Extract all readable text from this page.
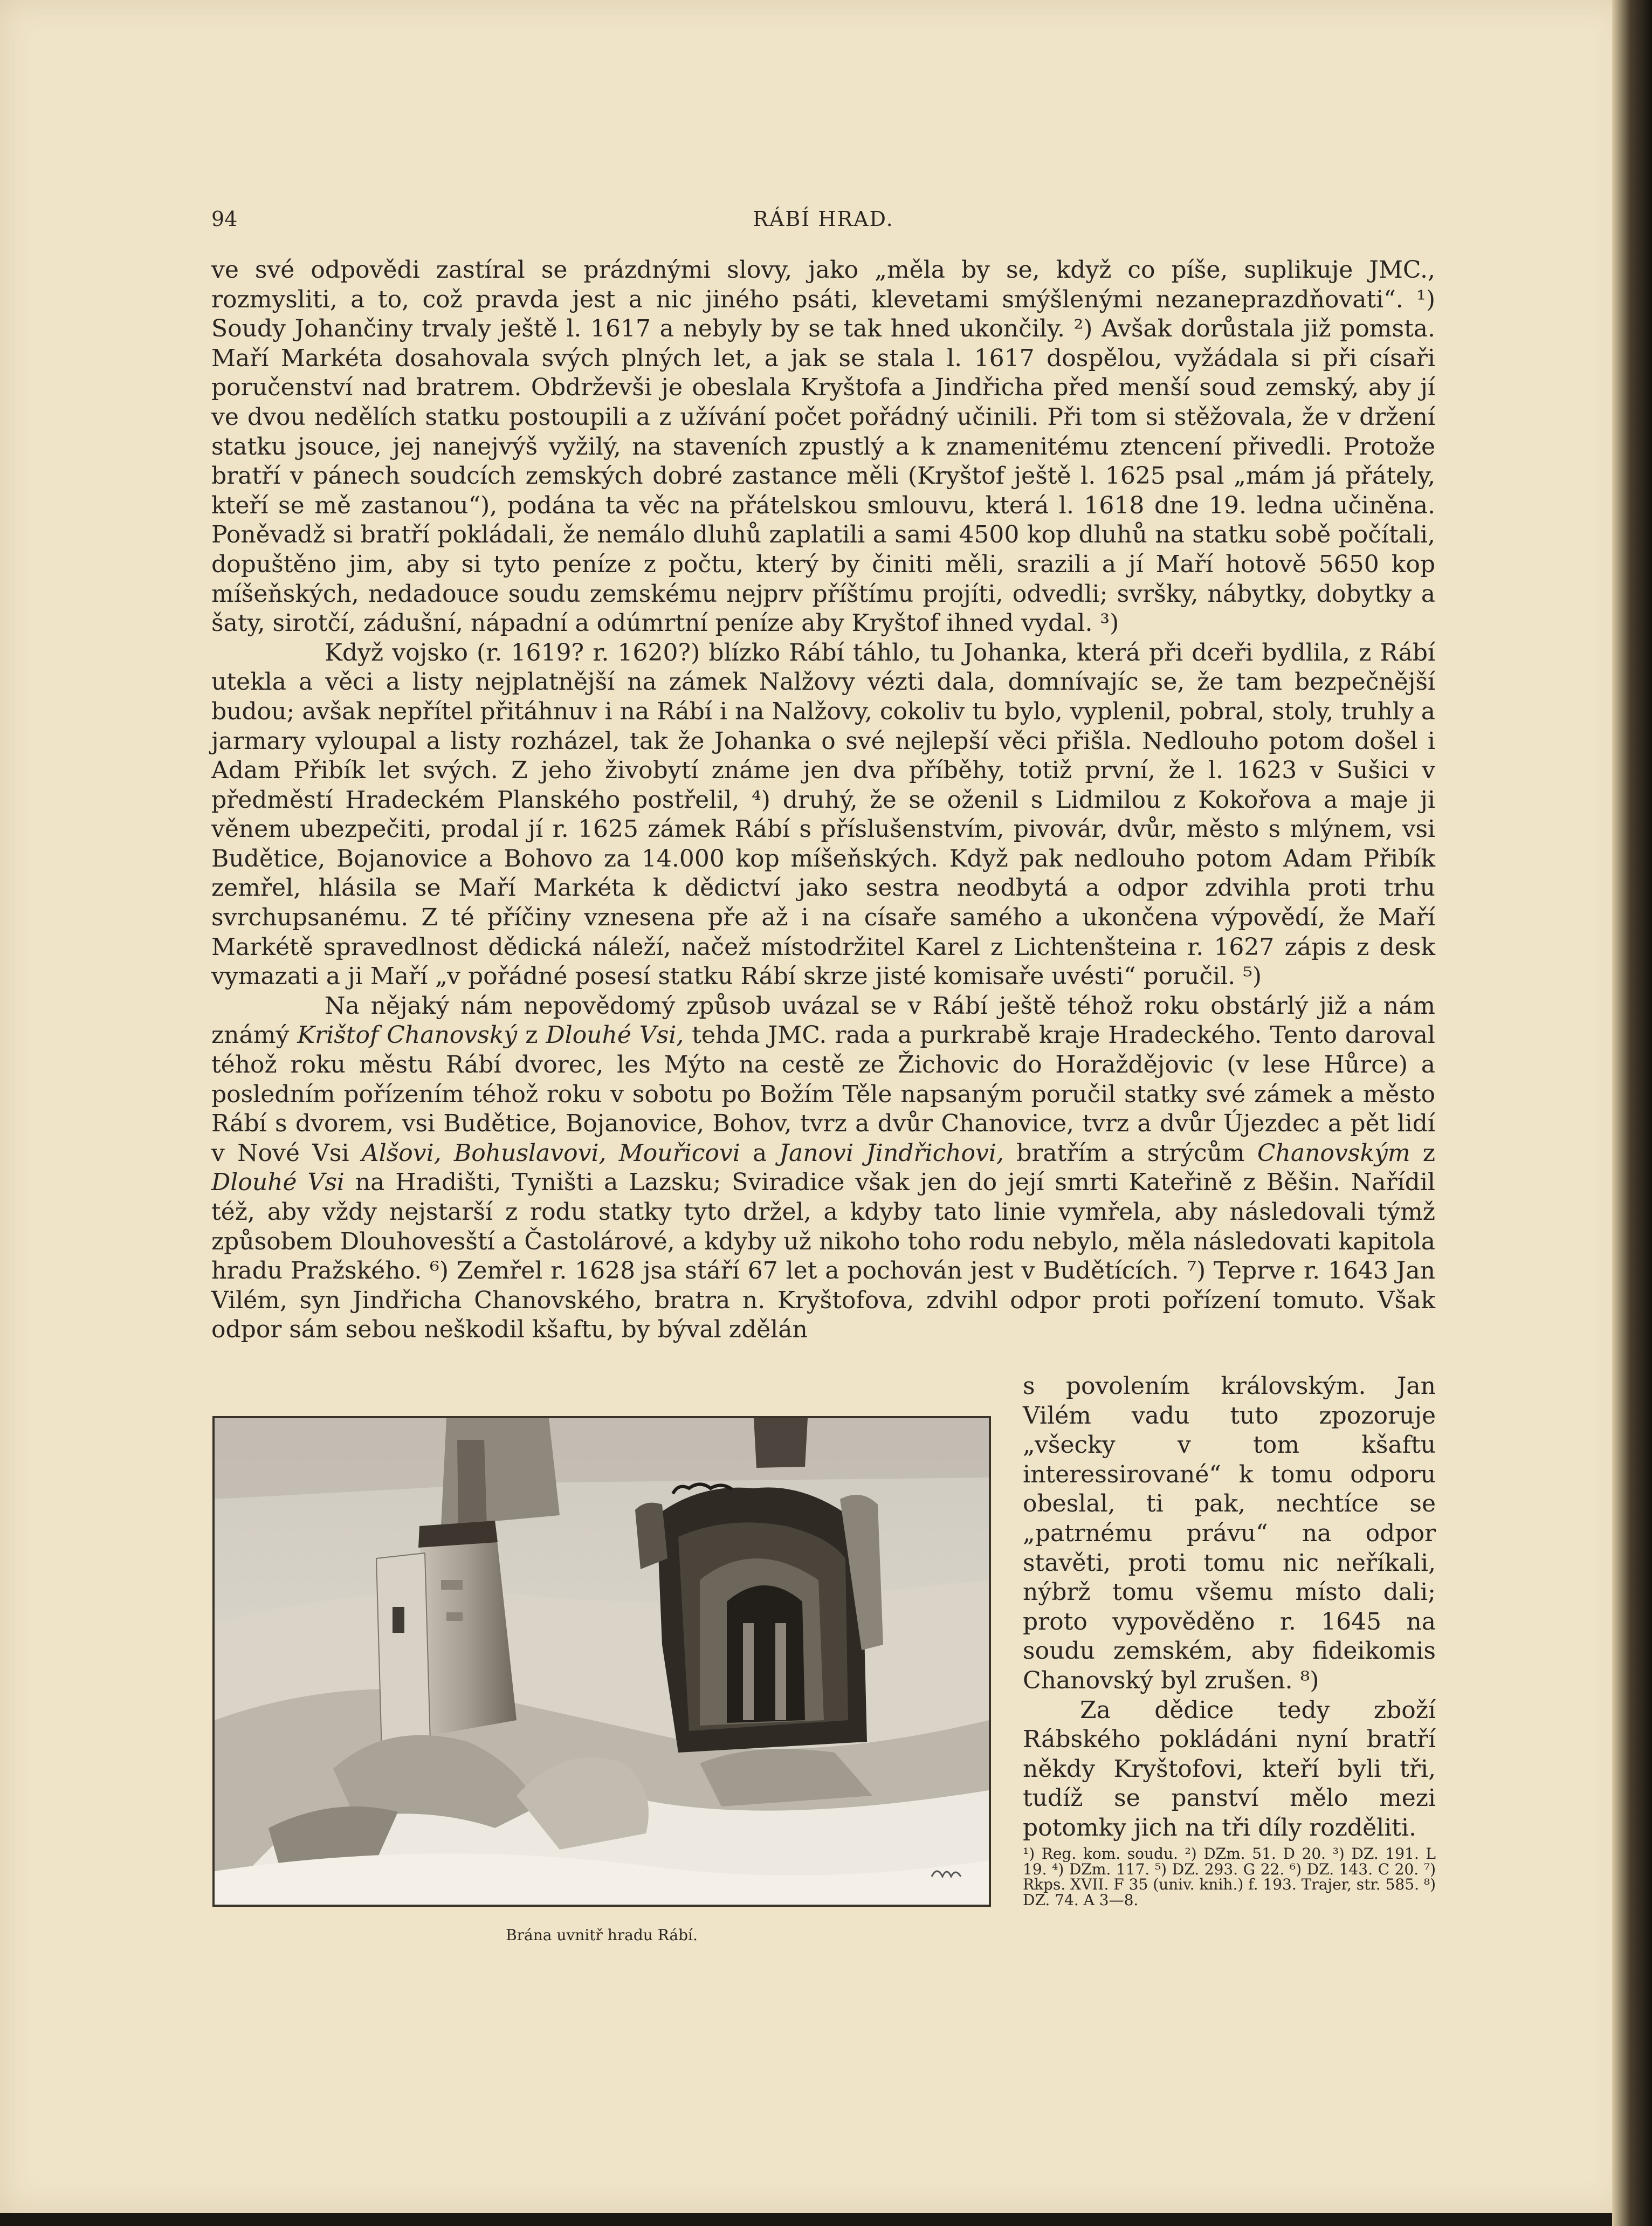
94	RÁBÍ HRAD.

ve své odpovědi zastíral se prázdnými slovy, jako „měla by se, když co píše, suplikuje JMC., rozmysliti, a to, což pravda jest a nic jiného psáti, klevetami smýšlenými nezaneprazdňovati“. ¹) Soudy Johančiny trvaly ještě l. 1617 a nebyly by se tak hned ukončily. ²) Avšak dorůstala již pomsta. Maří Markéta dosahovala svých plných let, a jak se stala l. 1617 dospělou, vyžádala si při císaři poručenství nad bratrem. Obdrževši je obeslala Kryštofa a Jindřicha před menší soud zemský, aby jí ve dvou nedělích statku postoupili a z užívání počet pořádný učinili. Při tom si stěžovala, že v držení statku jsouce, jej nanejvýš vyžilý, na staveních zpustlý a k znamenitému ztencení přivedli. Protože bratří v pánech soudcích zemských dobré zastance měli (Kryštof ještě l. 1625 psal „mám já přátely, kteří se mě zastanou“), podána ta věc na přátelskou smlouvu, která l. 1618 dne 19. ledna učiněna. Poněvadž si bratří pokládali, že nemálo dluhů zaplatili a sami 4500 kop dluhů na statku sobě počítali, dopuštěno jim, aby si tyto peníze z počtu, který by činiti měli, srazili a jí Maří hotově 5650 kop míšeňských, nedadouce soudu zemskému nejprv příštímu projíti, odvedli; svršky, nábytky, dobytky a šaty, sirotčí, zádušní, nápadní a odúmrtní peníze aby Kryštof ihned vydal. ³)

Když vojsko (r. 1619? r. 1620?) blízko Rábí táhlo, tu Johanka, která při dceři bydlila, z Rábí utekla a věci a listy nejplatnější na zámek Nalžovy vézti dala, domnívajíc se, že tam bezpečnější budou; avšak nepřítel přitáhnuv i na Rábí i na Nalžovy, cokoliv tu bylo, vyplenil, pobral, stoly, truhly a jarmary vyloupal a listy rozházel, tak že Johanka o své nejlepší věci přišla. Nedlouho potom došel i Adam Přibík let svých. Z jeho živobytí známe jen dva příběhy, totiž první, že l. 1623 v Sušici v předměstí Hradeckém Planského postřelil, ⁴) druhý, že se oženil s Lidmilou z Kokořova a maje ji věnem ubezpečiti, prodal jí r. 1625 zámek Rábí s příslušenstvím, pivovár, dvůr, město s mlýnem, vsi Budětice, Bojanovice a Bohovo za 14.000 kop míšeňských. Když pak nedlouho potom Adam Přibík zemřel, hlásila se Maří Markéta k dědictví jako sestra neodbytá a odpor zdvihla proti trhu svrchupsanému. Z té příčiny vznesena pře až i na císaře samého a ukončena výpovědí, že Maří Markétě spravedlnost dědická náleží, načež místodržitel Karel z Lichtenšteina r. 1627 zápis z desk vymazati a ji Maří „v pořádné posesí statku Rábí skrze jisté komisaře uvésti“ poručil. ⁵)

Na nějaký nám nepovědomý způsob uvázal se v Rábí ještě téhož roku obstárlý již a nám známý Krištof Chanovský z Dlouhé Vsi, tehda JMC. rada a purkrabě kraje Hradeckého. Tento daroval téhož roku městu Rábí dvorec, les Mýto na cestě ze Žichovic do Horaždějovic (v lese Hůrce) a posledním pořízením téhož roku v sobotu po Božím Těle napsaným poručil statky své zámek a město Rábí s dvorem, vsi Budětice, Bojanovice, Bohov, tvrz a dvůr Chanovice, tvrz a dvůr Újezdec a pět lidí v Nové Vsi Alšovi, Bohuslavovi, Mouřicovi a Janovi Jindřichovi, bratřím a strýcům Chanovským z Dlouhé Vsi na Hradišti, Tyništi a Lazsku; Sviradice však jen do její smrti Kateřině z Běšin. Nařídil též, aby vždy nejstarší z rodu statky tyto držel, a kdyby tato linie vymřela, aby následovali týmž způsobem Dlouhovesští a Častolárové, a kdyby už nikoho toho rodu nebylo, měla následovati kapitola hradu Pražského. ⁶) Zemřel r. 1628 jsa stáří 67 let a pochován jest v Budětících. ⁷) Teprve r. 1643 Jan Vilém, syn Jindřicha Chanovského, bratra n. Kryštofova, zdvihl odpor proti pořízení tomuto. Však odpor sám sebou neškodil kšaftu, by býval zdělán

s povolením královským. Jan Vilém vadu tuto zpozoruje „všecky v tom kšaftu interessirované“ k tomu odporu obeslal, ti pak, nechtíce se „patrnému právu“ na odpor stavěti, proti tomu nic neříkali, nýbrž tomu všemu místo dali; proto vypověděno r. 1645 na soudu zemském, aby fideikomis Chanovský byl zrušen. ⁸)

Za dědice tedy zboží Rábského pokládáni nyní bratří někdy Kryštofovi, kteří byli tři, tudíž se panství mělo mezi potomky jich na tři díly rozděliti.

Brána uvnitř hradu Rábí.

¹) Reg. kom. soudu. ²) DZm. 51. D 20. ³) DZ. 191. L 19. ⁴) DZm. 117. ⁵) DZ. 293. G 22. ⁶) DZ. 143. C 20. ⁷) Rkps. XVII. F 35 (univ. knih.) f. 193. Trajer, str. 585. ⁸) DZ. 74. A 3—8.
